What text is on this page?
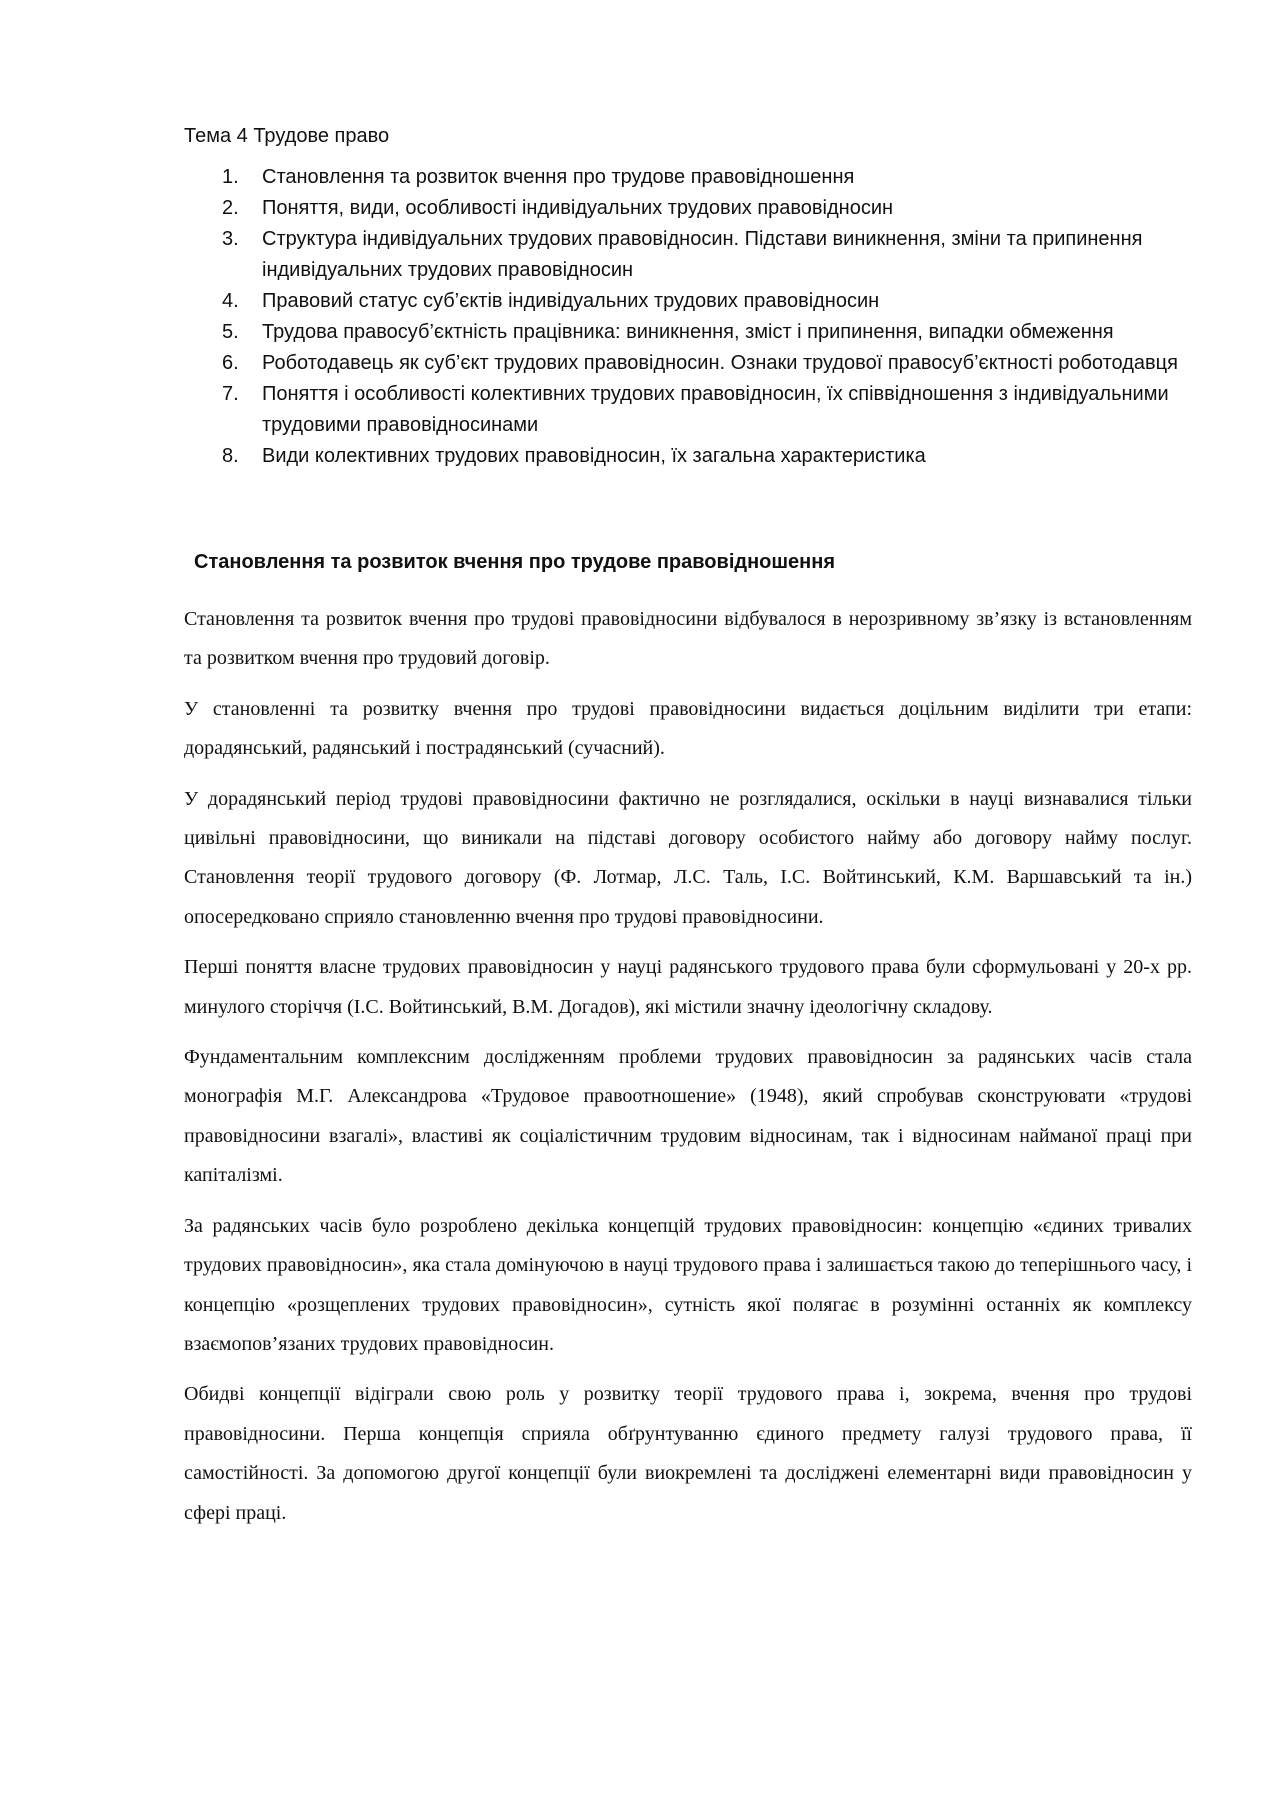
Тема 4 Трудове право
1. Становлення та розвиток вчення про трудове правовідношення
2. Поняття, види, особливості індивідуальних трудових правовідносин
3. Структура індивідуальних трудових правовідносин. Підстави виникнення, зміни та припинення індивідуальних трудових правовідносин
4. Правовий статус суб’єктів індивідуальних трудових правовідносин
5. Трудова правосуб’єктність працівника: виникнення, зміст і припинення, випадки обмеження
6. Роботодавець як суб’єкт трудових правовідносин. Ознаки трудової правосуб’єктності роботодавця
7. Поняття і особливості колективних трудових правовідносин, їх співвідношення з індивідуальними трудовими правовідносинами
8. Види колективних трудових правовідносин, їх загальна характеристика
Становлення та розвиток вчення про трудове правовідношення

Становлення та розвиток вчення про трудові правовідносини відбувалося в нерозривному зв’язку із встановленням та розвитком вчення про трудовий договір.

У становленні та розвитку вчення про трудові правовідносини видається доцільним виділити три етапи: дорадянський, радянський і пострадянський (сучасний).

У дорадянський період трудові правовідносини фактично не розглядалися, оскільки в науці визнавалися тільки цивільні правовідносини, що виникали на підставі договору особистого найму або договору найму послуг. Становлення теорії трудового договору (Ф. Лотмар, Л.С. Таль, І.С. Войтинський, К.М. Варшавський та ін.) опосередковано сприяло становленню вчення про трудові правовідносини.

Перші поняття власне трудових правовідносин у науці радянського трудового права були сформульовані у 20-х рр. минулого сторіччя (І.С. Войтинський, В.М. Догадов), які містили значну ідеологічну складову.

Фундаментальним комплексним дослідженням проблеми трудових правовідносин за радянських часів стала монографія М.Г. Александрова «Трудовое правоотношение» (1948), який спробував сконструювати «трудові правовідносини взагалі», властиві як соціалістичним трудовим відносинам, так і відносинам найманої праці при капіталізмі.

За радянських часів було розроблено декілька концепцій трудових правовідносин: концепцію «єдиних тривалих трудових правовідносин», яка стала домінуючою в науці трудового права і залишається такою до теперішнього часу, і концепцію «розщеплених трудових правовідносин», сутність якої полягає в розумінні останніх як комплексу взаємопов’язаних трудових правовідносин.

Обидві концепції відіграли свою роль у розвитку теорії трудового права і, зокрема, вчення про трудові правовідносини. Перша концепція сприяла обґрунтуванню єдиного предмету галузі трудового права, її самостійності. За допомогою другої концепції були виокремлені та досліджені елементарні види правовідносин у сфері праці.
